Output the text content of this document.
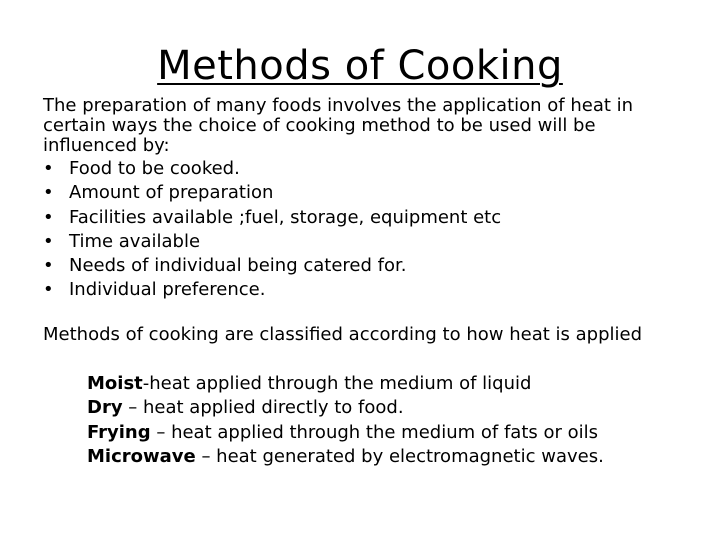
Methods of Cooking

The preparation of many foods involves the application of heat in certain ways the choice of cooking method to be used will be influenced by:

• Food to be cooked.
• Amount of preparation
• Facilities available ;fuel, storage, equipment etc
• Time available
• Needs of individual being catered for.
• Individual preference.

Methods of cooking are classified according to how heat is applied

Moist-heat applied through the medium of liquid
Dry – heat applied directly to food.
Frying – heat applied through the medium of fats or oils
Microwave – heat generated by electromagnetic waves.
